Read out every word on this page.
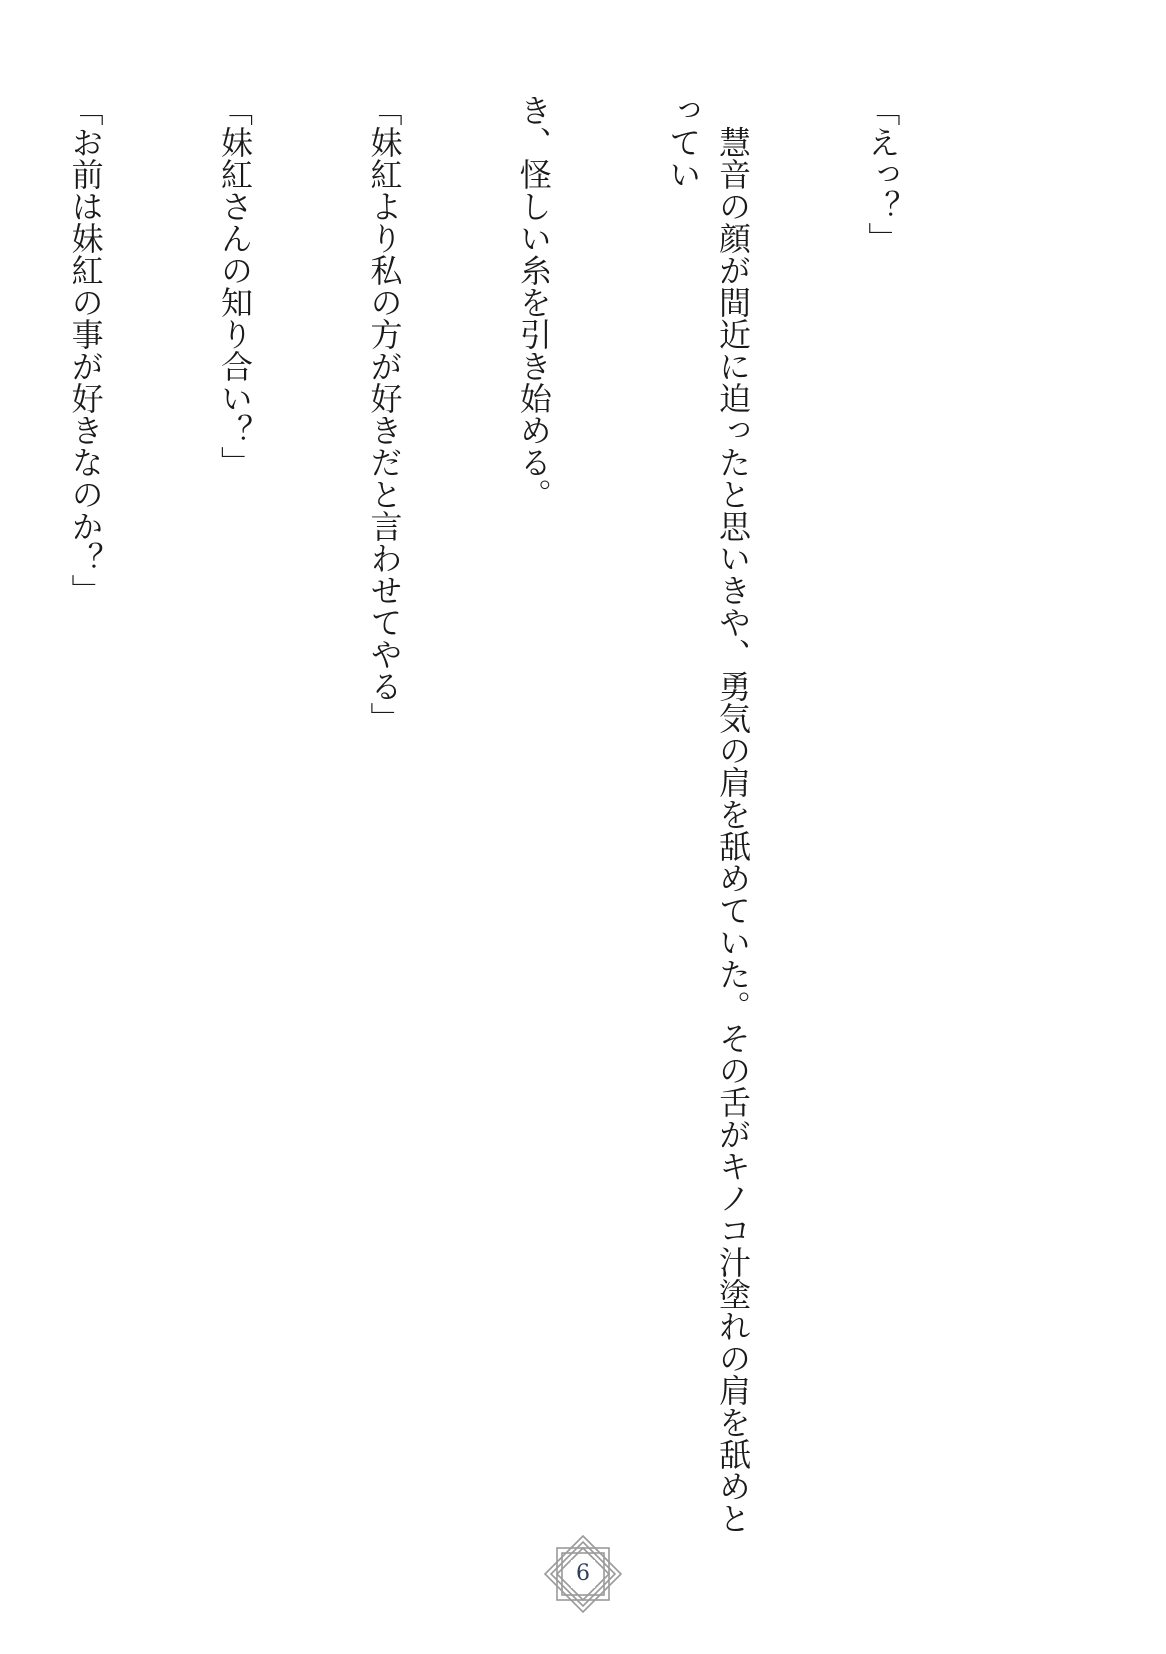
「えっ？」

　慧音の顔が間近に迫ったと思いきや、勇気の肩を舐めていた。その舌がキノコ汁塗れの肩を舐めとってい

き、怪しい糸を引き始める。

「妹紅より私の方が好きだと言わせてやる」

「妹紅さんの知り合い？」

「お前は妹紅の事が好きなのか？」

6
